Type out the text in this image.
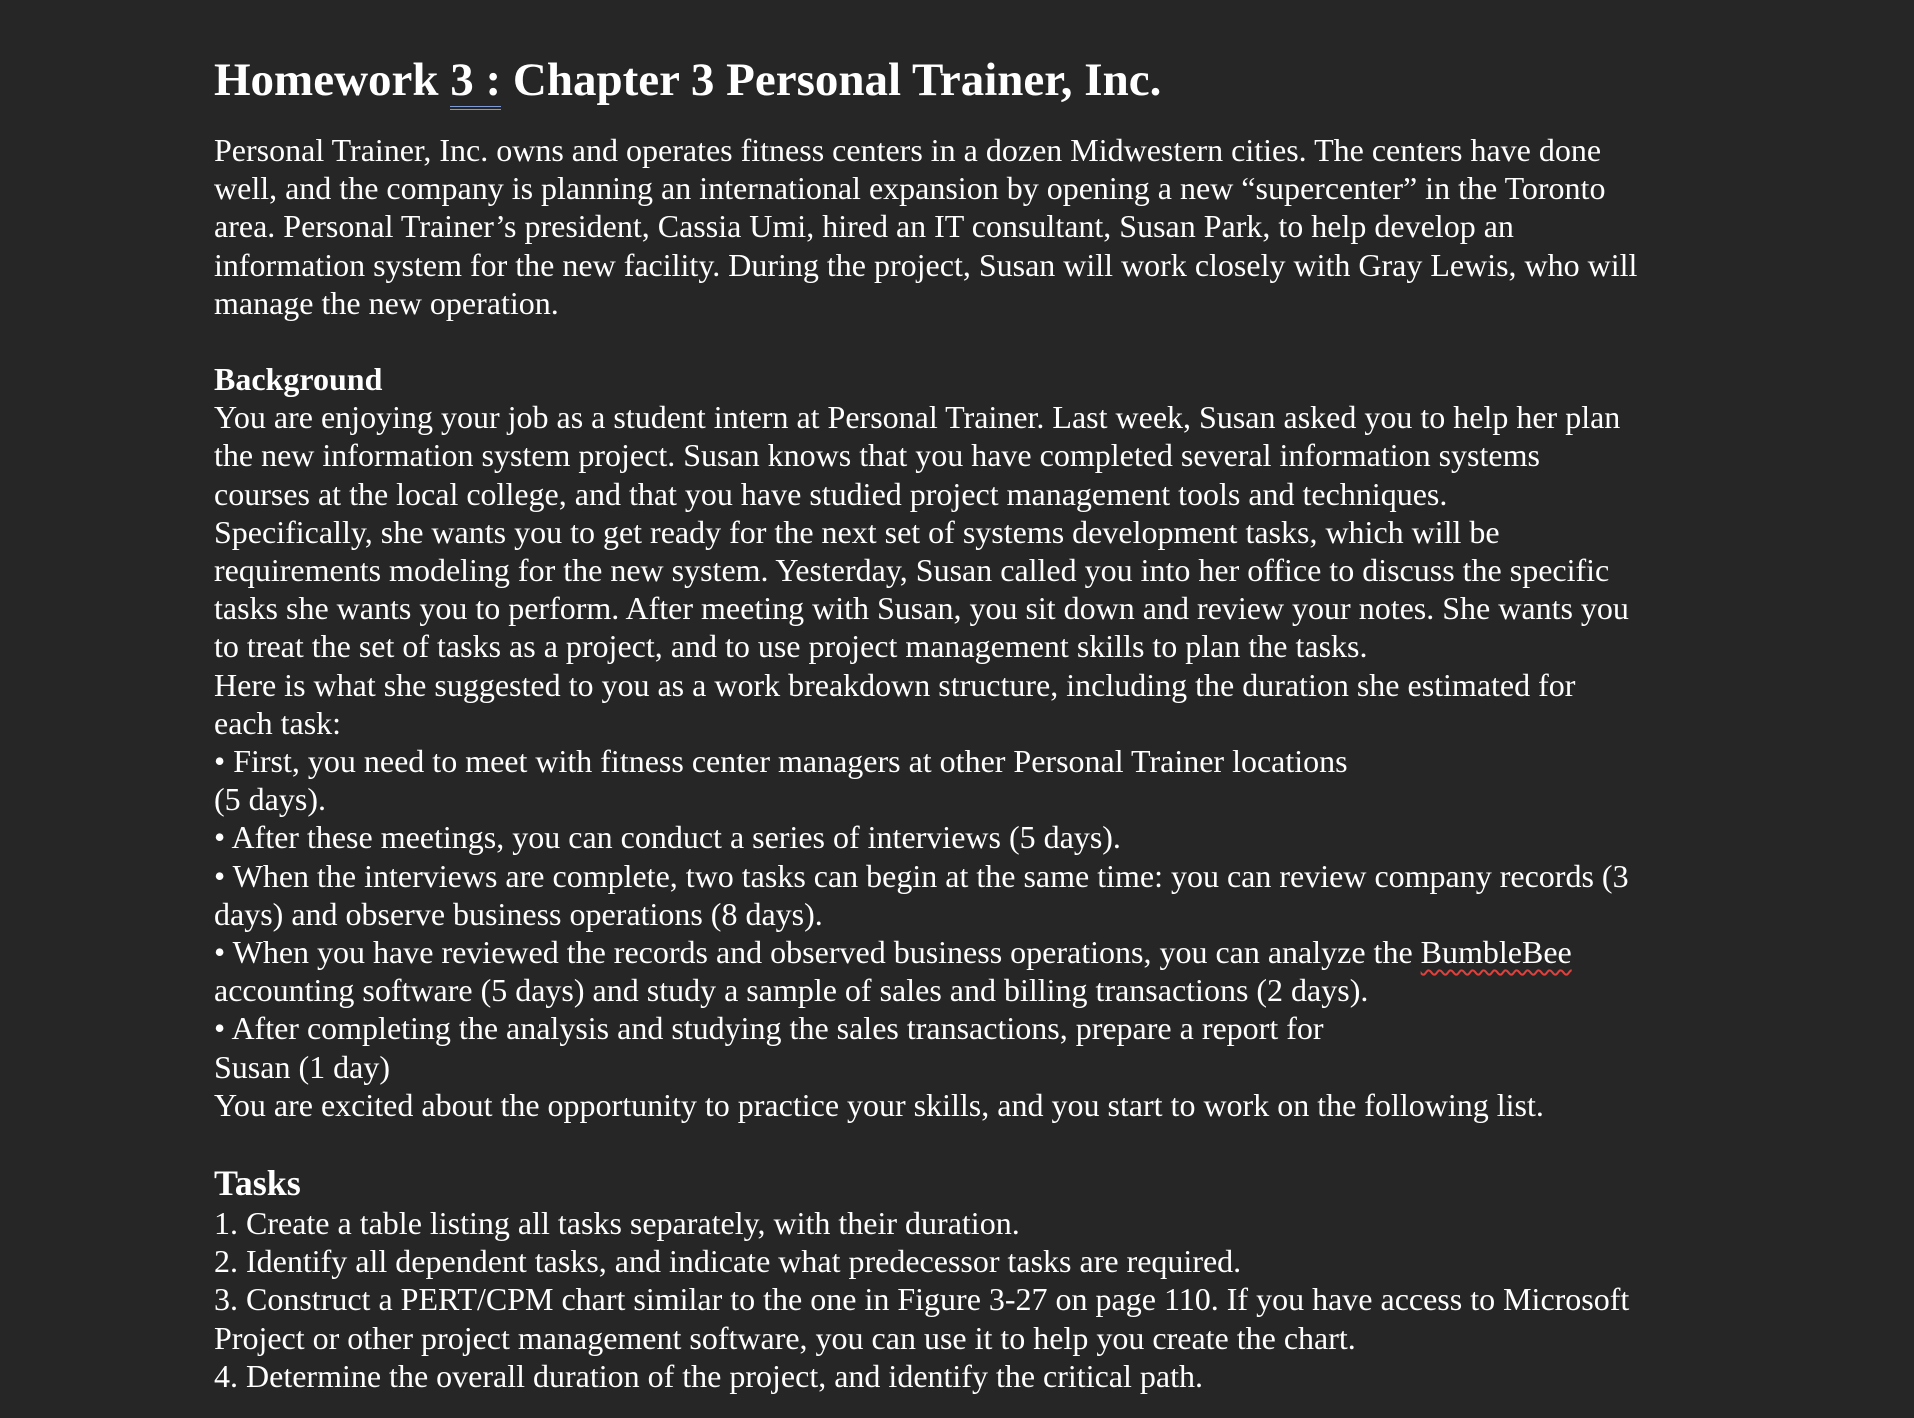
Homework 3 : Chapter 3 Personal Trainer, Inc.

Personal Trainer, Inc. owns and operates fitness centers in a dozen Midwestern cities. The centers have done
well, and the company is planning an international expansion by opening a new “supercenter” in the Toronto
area. Personal Trainer’s president, Cassia Umi, hired an IT consultant, Susan Park, to help develop an
information system for the new facility. During the project, Susan will work closely with Gray Lewis, who will
manage the new operation.

Background

You are enjoying your job as a student intern at Personal Trainer. Last week, Susan asked you to help her plan
the new information system project. Susan knows that you have completed several information systems
courses at the local college, and that you have studied project management tools and techniques.
Specifically, she wants you to get ready for the next set of systems development tasks, which will be
requirements modeling for the new system. Yesterday, Susan called you into her office to discuss the specific
tasks she wants you to perform. After meeting with Susan, you sit down and review your notes. She wants you
to treat the set of tasks as a project, and to use project management skills to plan the tasks.
Here is what she suggested to you as a work breakdown structure, including the duration she estimated for
each task:
• First, you need to meet with fitness center managers at other Personal Trainer locations
(5 days).
• After these meetings, you can conduct a series of interviews (5 days).
• When the interviews are complete, two tasks can begin at the same time: you can review company records (3
days) and observe business operations (8 days).
• When you have reviewed the records and observed business operations, you can analyze the BumbleBee
accounting software (5 days) and study a sample of sales and billing transactions (2 days).
• After completing the analysis and studying the sales transactions, prepare a report for
Susan (1 day)
You are excited about the opportunity to practice your skills, and you start to work on the following list.

Tasks

1. Create a table listing all tasks separately, with their duration.
2. Identify all dependent tasks, and indicate what predecessor tasks are required.
3. Construct a PERT/CPM chart similar to the one in Figure 3-27 on page 110. If you have access to Microsoft
Project or other project management software, you can use it to help you create the chart.
4. Determine the overall duration of the project, and identify the critical path.
